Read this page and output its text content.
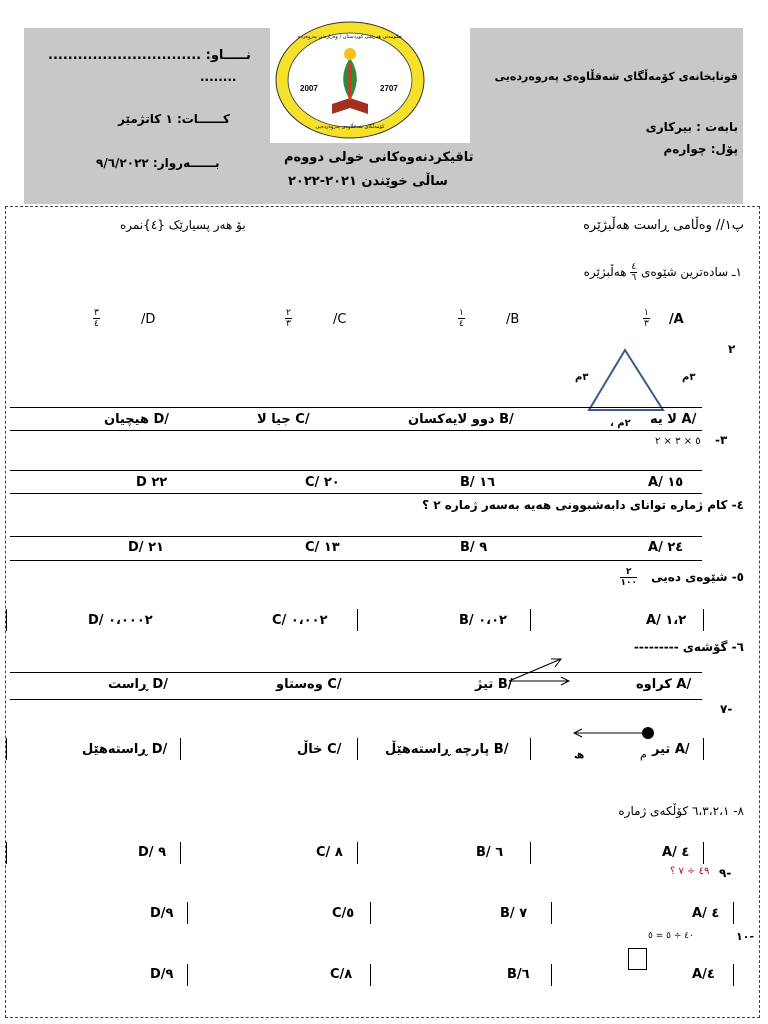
2007	2707
حکومەتی هەرێمی کوردستان / وەزارەتی پەروەردە
کۆمەڵگای شەقڵاوەی پەروەردەیی
نـــــاو: ...............................
........
کــــــات: ١ کاتژمێر
بــــــەروار: ٩/٦/٢٠٢٢	تاقیکردنەوەکانی خولی دووەم
ساڵی خوێندن ٢٠٢١-٢٠٢٢
قوتابخانەی کۆمەڵگای شەقڵاوەی پەروەردەیی
بابەت : بیرکاری
پۆل: چوارەم
پ١// وەڵامی ڕاست هەڵبژێرە
بۆ هەر پسیارێک {٤}نمرە
١ـ سادەترین شێوەی
$\frac{٤}{٦}$
هەڵبژێرە
$\frac{١}{٣} /A$
$\frac{١}{٤}$	/B
$\frac{٢}{٣}$	/C
$\frac{٣}{٤}$	/D
٢
٣م	٣م
٢م ، /A لا یە
/B دوو لایەکسان
/C جیا لا
/D هیچیان
٣-
٥ × ٣ × ٢
١٥ /A
١٦ /B
٢٠ /C
٢٢ D
٤- کام ژمارە توانای دابەشبوونی هەیە بەسەر ژمارە ٢ ؟
٢٤ /A
٩ /B
١٣ /C
٢١ /D
٥- شێوەی دەیی
$\frac{٢}{١٠٠}$
١،٢ /A
٠،٠٢ /B
٠،٠٠٢ /C
٠،٠٠٠٢ /D
٦- گۆشەی ---------
/A کراوە
/B تیژ
/C وەستاو
/D ڕاست
-٧
م
ھ	/A تیر
/B پارچە ڕاستەهێڵ
/C خاڵ
/D ڕاستەهێل
٨- ٦،٣،٢،١ کۆڵکەی ژمارە
٤ /A
٦ /B
٨ /C
٩ /D
-٩
٤٩ ÷ ٧ ؟
٤ /A
٧ /B
٥/C
٩/D
-١٠
٤٠ ÷ ٥ = ٥
٤/A
٦/B
٨/C
٩/D
